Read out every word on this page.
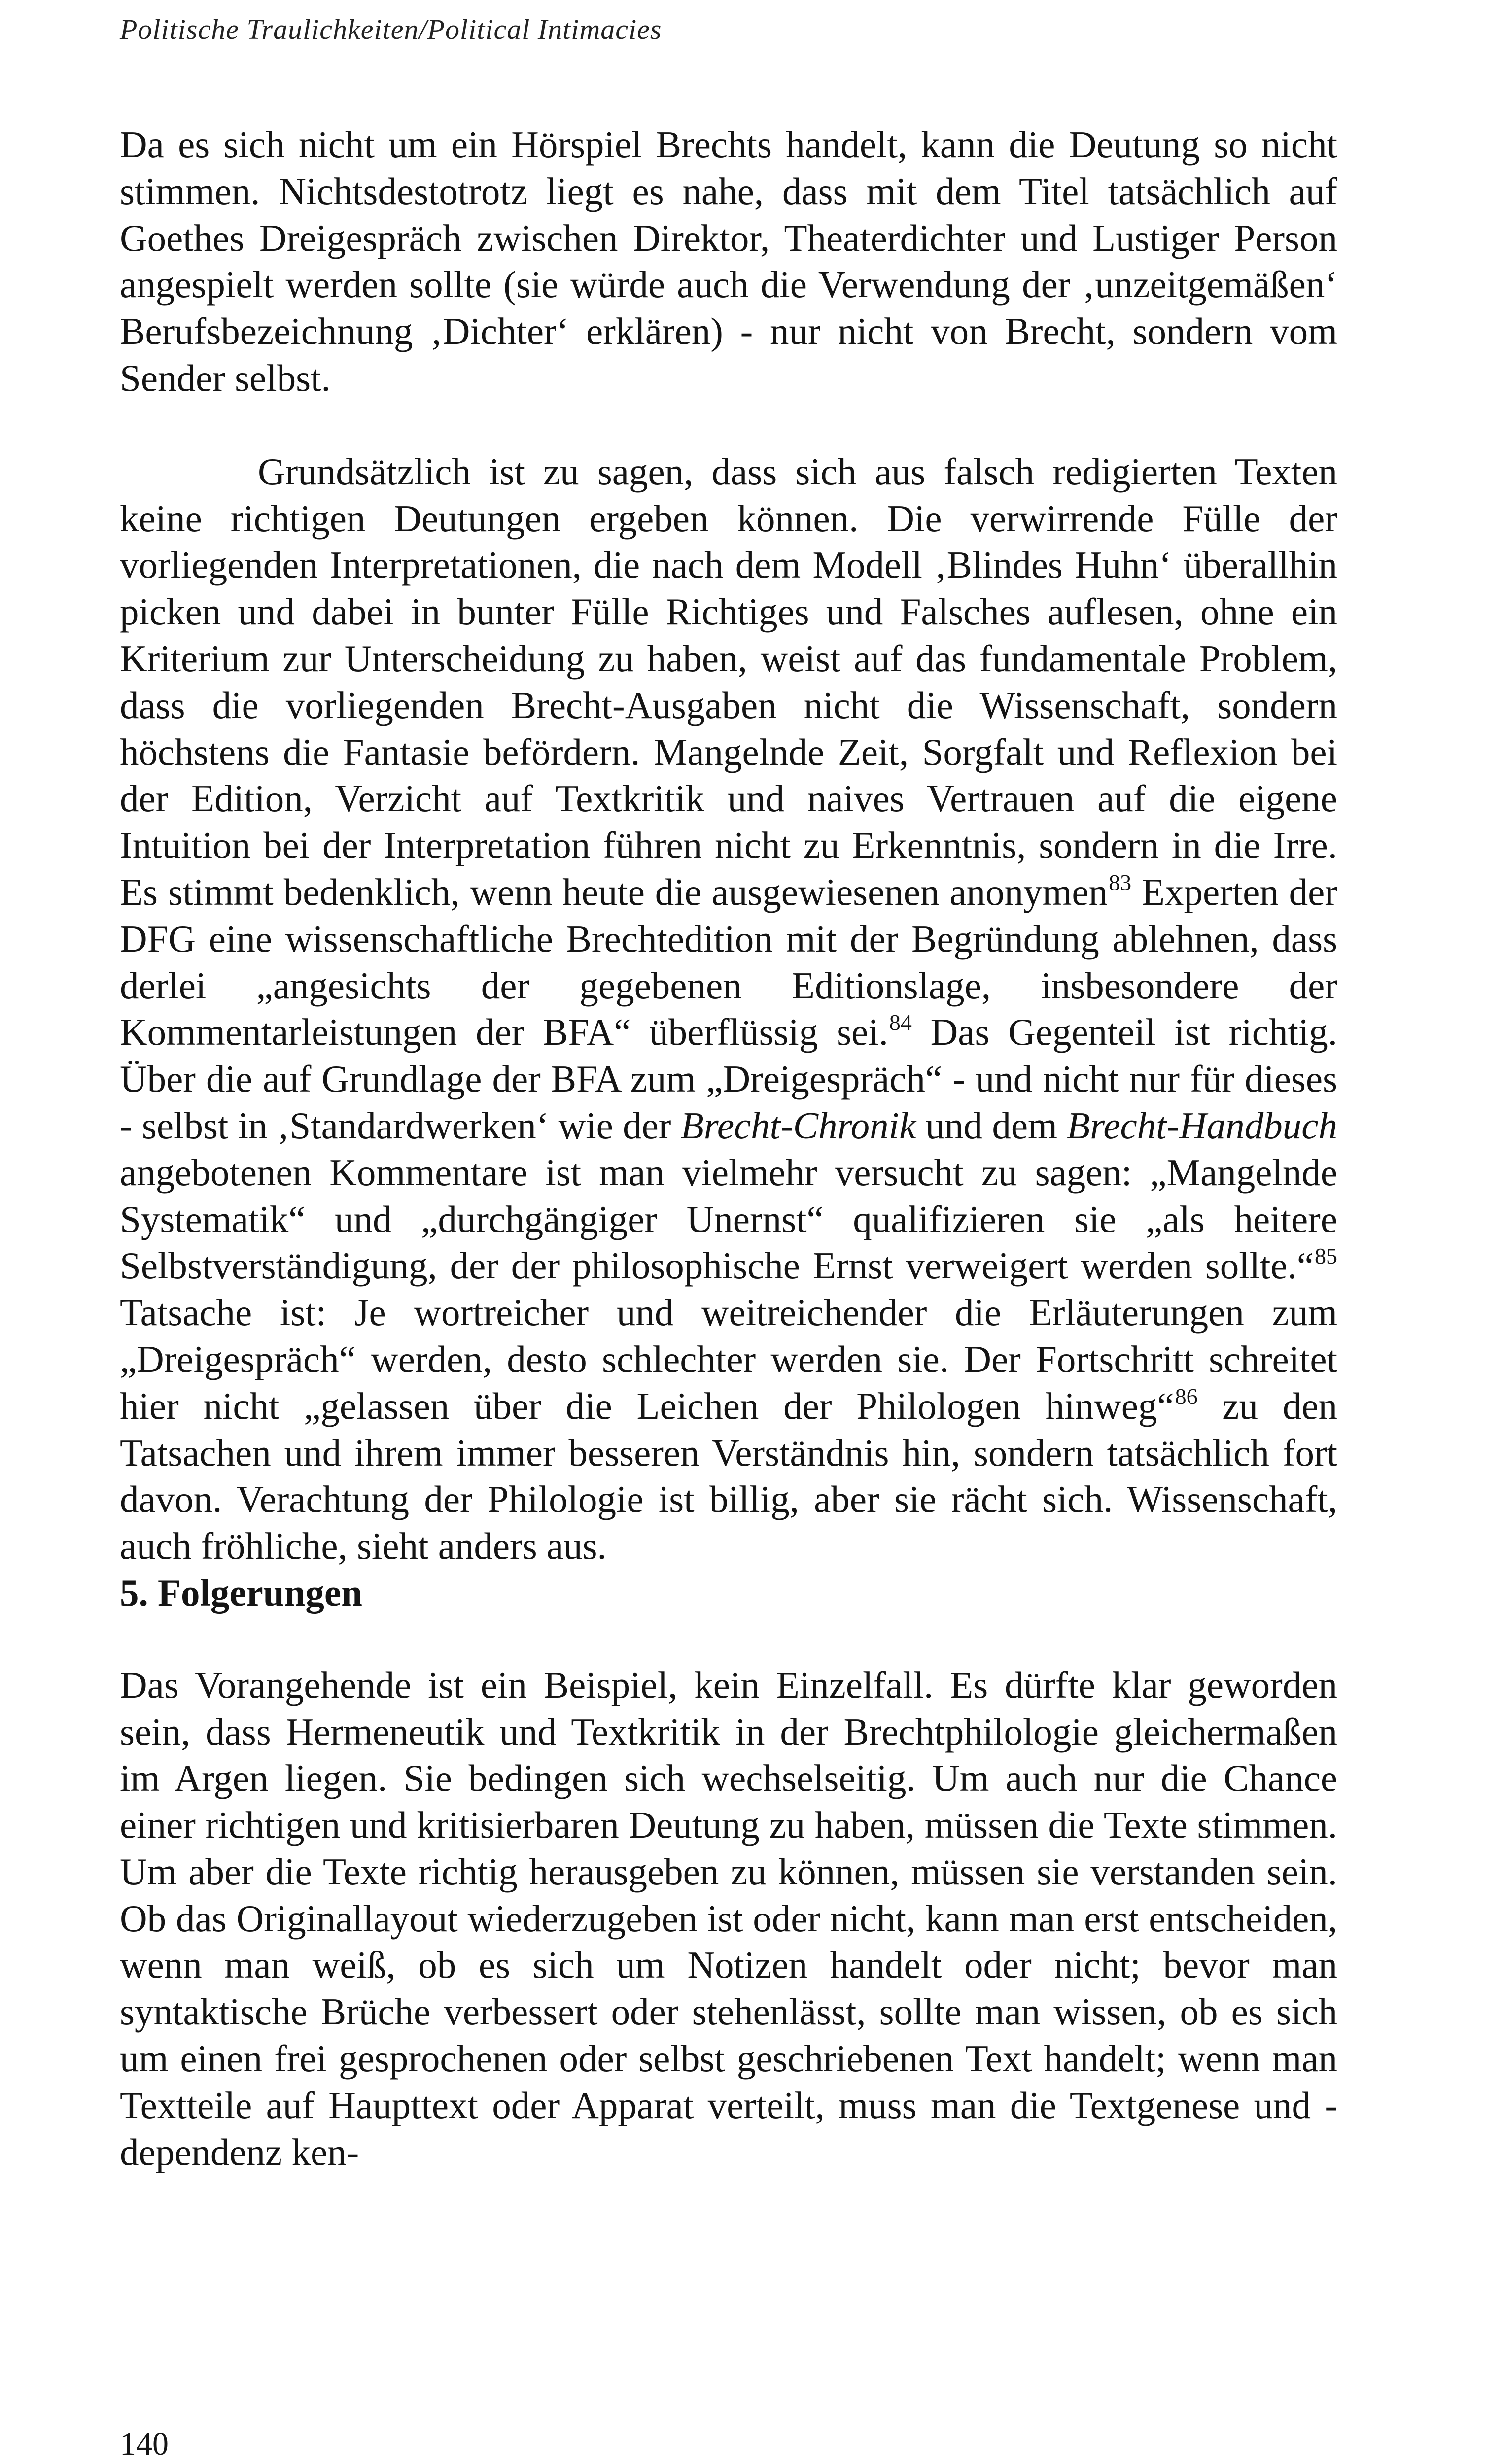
Politische Traulichkeiten/Political Intimacies

Da es sich nicht um ein Hörspiel Brechts handelt, kann die Deutung so nicht stimmen. Nichtsdestotrotz liegt es nahe, dass mit dem Titel tatsächlich auf Goethes Dreigespräch zwischen Direktor, Theaterdichter und Lustiger Person angespielt werden sollte (sie würde auch die Verwendung der ‚unzeitgemäßen‘ Berufsbezeichnung ‚Dichter‘ erklären) - nur nicht von Brecht, sondern vom Sender selbst.

Grundsätzlich ist zu sagen, dass sich aus falsch redigierten Texten keine richtigen Deutungen ergeben können. Die verwirrende Fülle der vorliegenden Interpretationen, die nach dem Modell ‚Blindes Huhn‘ überallhin picken und dabei in bunter Fülle Richtiges und Falsches auflesen, ohne ein Kriterium zur Unterscheidung zu haben, weist auf das fundamentale Problem, dass die vorliegenden Brecht-Ausgaben nicht die Wissenschaft, sondern höchstens die Fantasie befördern. Mangelnde Zeit, Sorgfalt und Reflexion bei der Edition, Verzicht auf Textkritik und naives Vertrauen auf die eigene Intuition bei der Interpretation führen nicht zu Erkenntnis, sondern in die Irre. Es stimmt bedenklich, wenn heute die ausgewiesenen anonymen$^{83}$ Experten der DFG eine wissenschaftliche Brechtedition mit der Begründung ablehnen, dass derlei „angesichts der gegebenen Editionslage, insbesondere der Kommentarleistungen der BFA“ überflüssig sei.$^{84}$ Das Gegenteil ist richtig. Über die auf Grundlage der BFA zum „Dreigespräch“ - und nicht nur für dieses - selbst in ‚Standardwerken‘ wie der Brecht-Chronik und dem Brecht-Handbuch angebotenen Kommentare ist man vielmehr versucht zu sagen: „Mangelnde Systematik“ und „durchgängiger Unernst“ qualifizieren sie „als heitere Selbstverständigung, der der philosophische Ernst verweigert werden sollte.“$^{85}$ Tatsache ist: Je wortreicher und weitreichender die Erläuterungen zum „Dreigespräch“ werden, desto schlechter werden sie. Der Fortschritt schreitet hier nicht „gelassen über die Leichen der Philologen hinweg“$^{86}$ zu den Tatsachen und ihrem immer besseren Verständnis hin, sondern tatsächlich fort davon. Verachtung der Philologie ist billig, aber sie rächt sich. Wissenschaft, auch fröhliche, sieht anders aus.

5. Folgerungen

Das Vorangehende ist ein Beispiel, kein Einzelfall. Es dürfte klar geworden sein, dass Hermeneutik und Textkritik in der Brechtphilologie gleichermaßen im Argen liegen. Sie bedingen sich wechselseitig. Um auch nur die Chance einer richtigen und kritisierbaren Deutung zu haben, müssen die Texte stimmen. Um aber die Texte richtig herausgeben zu können, müssen sie verstanden sein. Ob das Originallayout wiederzugeben ist oder nicht, kann man erst entscheiden, wenn man weiß, ob es sich um Notizen handelt oder nicht; bevor man syntaktische Brüche verbessert oder stehenlässt, sollte man wissen, ob es sich um einen frei gesprochenen oder selbst geschriebenen Text handelt; wenn man Textteile auf Haupttext oder Apparat verteilt, muss man die Textgenese und -dependenz ken-

140
